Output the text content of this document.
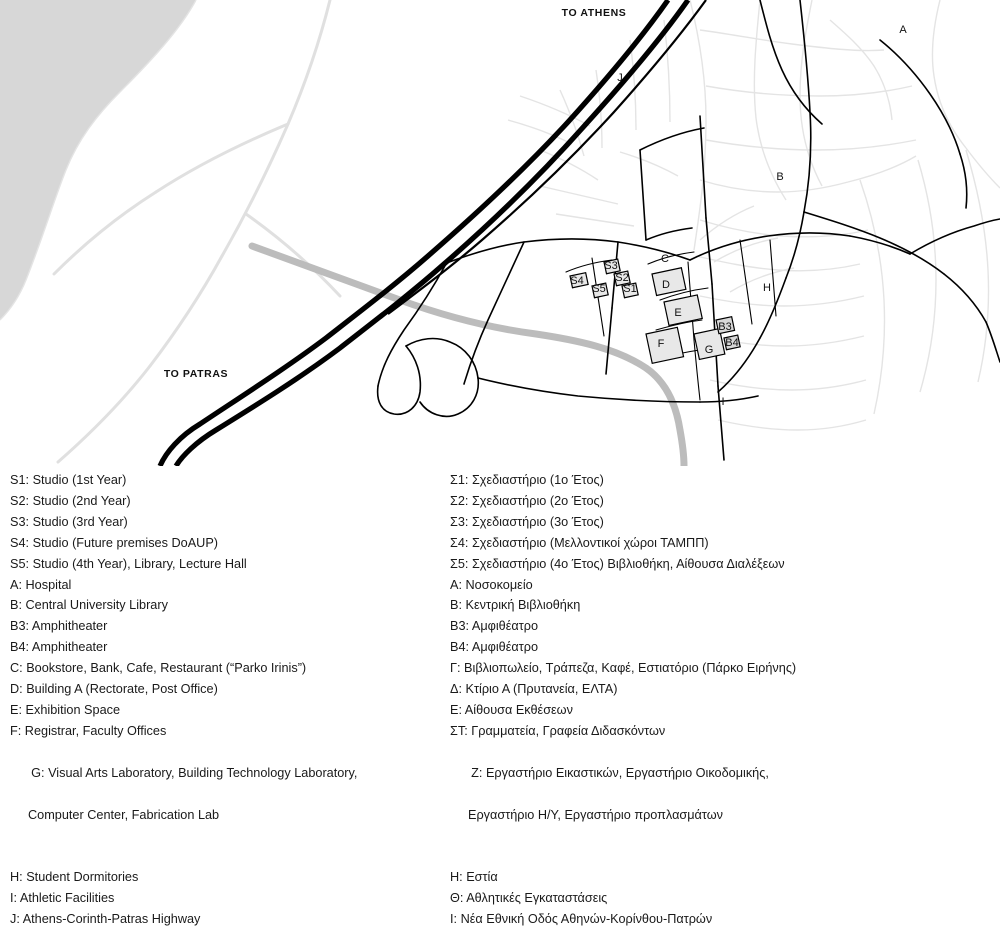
TO ATHENS
TO PATRAS
A
J
B
S3
S2
S1
S4
S5
C
D	H
E
B3
F	G
B4
I
S1: Studio (1st Year)
S2: Studio (2nd Year)
S3: Studio (3rd Year)
S4: Studio (Future premises DoAUP)
S5: Studio (4th Year), Library, Lecture Hall
A: Hospital
B: Central University Library
B3: Amphitheater
B4: Amphitheater
C: Bookstore, Bank, Cafe, Restaurant (“Parko Irinis”)
D: Building A (Rectorate, Post Office)
E: Exhibition Space
F: Registrar, Faculty Offices

G: Visual Arts Laboratory, Building Technology Laboratory,

Computer Center, Fabrication Lab

H: Student Dormitories
I: Athletic Facilities
J: Athens-Corinth-Patras Highway
Σ1: Σχεδιαστήριο (1ο Έτος)
Σ2: Σχεδιαστήριο (2ο Έτος)
Σ3: Σχεδιαστήριο (3ο Έτος)
Σ4: Σχεδιαστήριο (Μελλοντικοί χώροι ΤΑΜΠΠ)
Σ5: Σχεδιαστήριο (4ο Έτος) Βιβλιοθήκη, Αίθουσα Διαλέξεων
Α: Νοσοκομείο
Β: Κεντρική Βιβλιοθήκη
Β3: Αμφιθέατρο
Β4: Αμφιθέατρο
Γ: Βιβλιοπωλείο, Τράπεζα, Καφέ, Εστιατόριο (Πάρκο Ειρήνης)
Δ: Κτίριο Α (Πρυτανεία, ΕΛΤΑ)
Ε: Αίθουσα Εκθέσεων
ΣΤ: Γραμματεία, Γραφεία Διδασκόντων

Ζ: Εργαστήριο Εικαστικών, Εργαστήριο Οικοδομικής,

Εργαστήριο Η/Υ, Εργαστήριο προπλασμάτων

Η: Εστία
Θ: Αθλητικές Εγκαταστάσεις
Ι: Νέα Εθνική Οδός Αθηνών-Κορίνθου-Πατρών
